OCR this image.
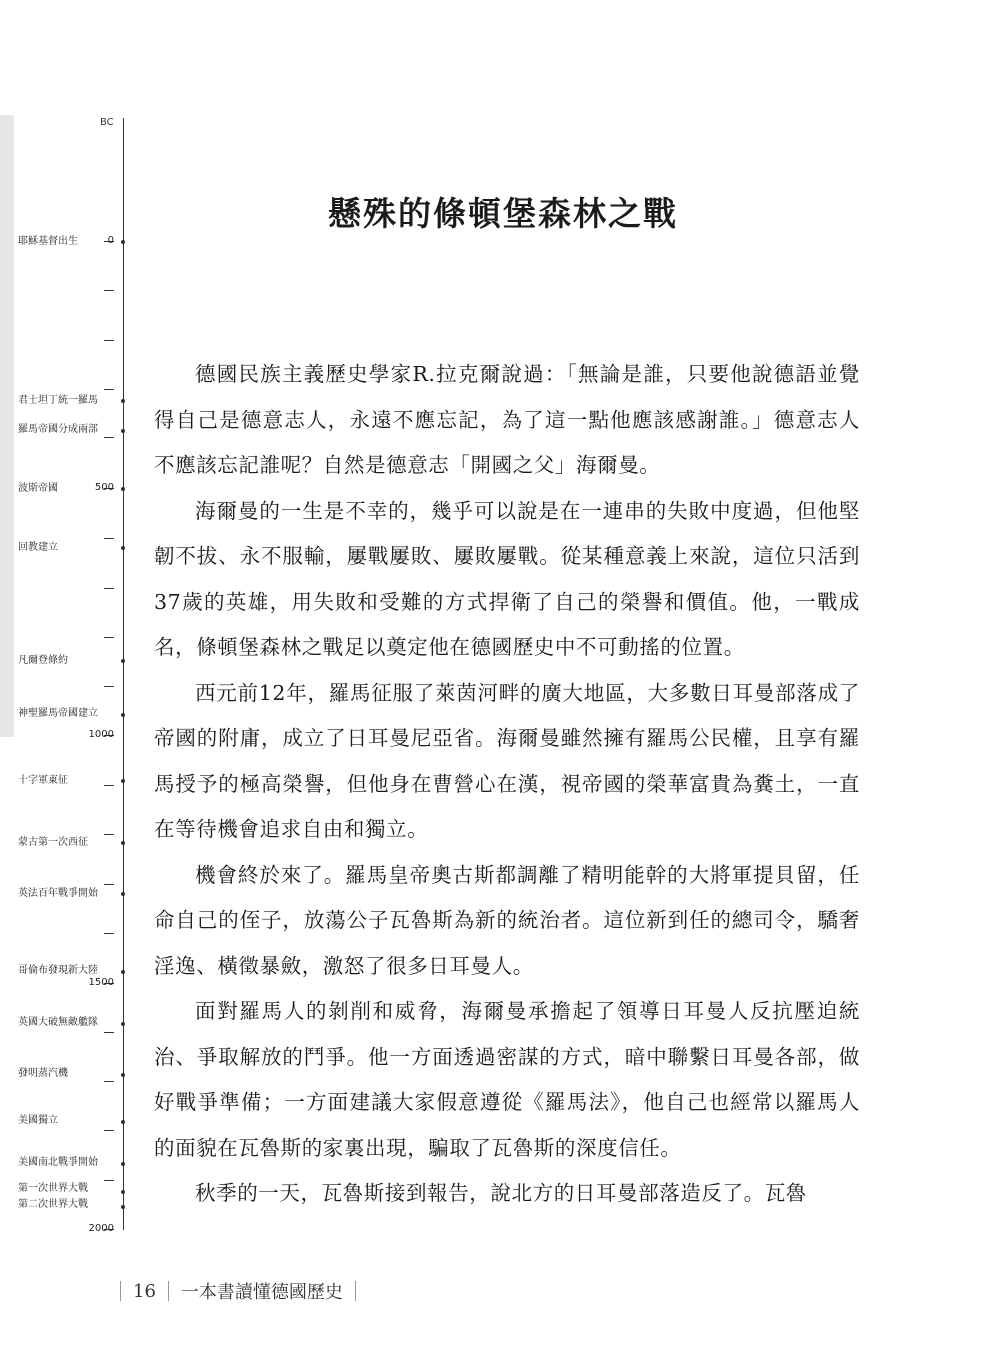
BC
耶穌基督出生
君士坦丁統一羅馬
羅馬帝國分成兩部
波斯帝國
回教建立
凡爾登條約
神聖羅馬帝國建立
十字軍東征
蒙古第一次西征
英法百年戰爭開始
哥倫布發現新大陸
英國大破無敵艦隊
發明蒸汽機
美國獨立
美國南北戰爭開始
第一次世界大戰
第二次世界大戰
0
500
1000
1500
2000
懸殊的條頓堡森林之戰

德國民族主義歷史學家R.拉克爾說過：「無論是誰，只要他說德語並覺得自己是德意志人，永遠不應忘記，為了這一點他應該感謝誰。」德意志人不應該忘記誰呢？自然是德意志「開國之父」海爾曼。

海爾曼的一生是不幸的，幾乎可以說是在一連串的失敗中度過，但他堅韌不拔、永不服輸，屢戰屢敗、屢敗屢戰。從某種意義上來說，這位只活到37歲的英雄，用失敗和受難的方式捍衛了自己的榮譽和價值。他，一戰成名，條頓堡森林之戰足以奠定他在德國歷史中不可動搖的位置。

西元前12年，羅馬征服了萊茵河畔的廣大地區，大多數日耳曼部落成了帝國的附庸，成立了日耳曼尼亞省。海爾曼雖然擁有羅馬公民權，且享有羅馬授予的極高榮譽，但他身在曹營心在漢，視帝國的榮華富貴為糞土，一直在等待機會追求自由和獨立。

機會終於來了。羅馬皇帝奧古斯都調離了精明能幹的大將軍提貝留，任命自己的侄子，放蕩公子瓦魯斯為新的統治者。這位新到任的總司令，驕奢淫逸、橫徵暴斂，激怒了很多日耳曼人。

面對羅馬人的剝削和威脅，海爾曼承擔起了領導日耳曼人反抗壓迫統治、爭取解放的鬥爭。他一方面透過密謀的方式，暗中聯繫日耳曼各部，做好戰爭準備；一方面建議大家假意遵從《羅馬法》，他自己也經常以羅馬人的面貌在瓦魯斯的家裏出現，騙取了瓦魯斯的深度信任。

秋季的一天，瓦魯斯接到報告，說北方的日耳曼部落造反了。瓦魯

16 一本書讀懂德國歷史
